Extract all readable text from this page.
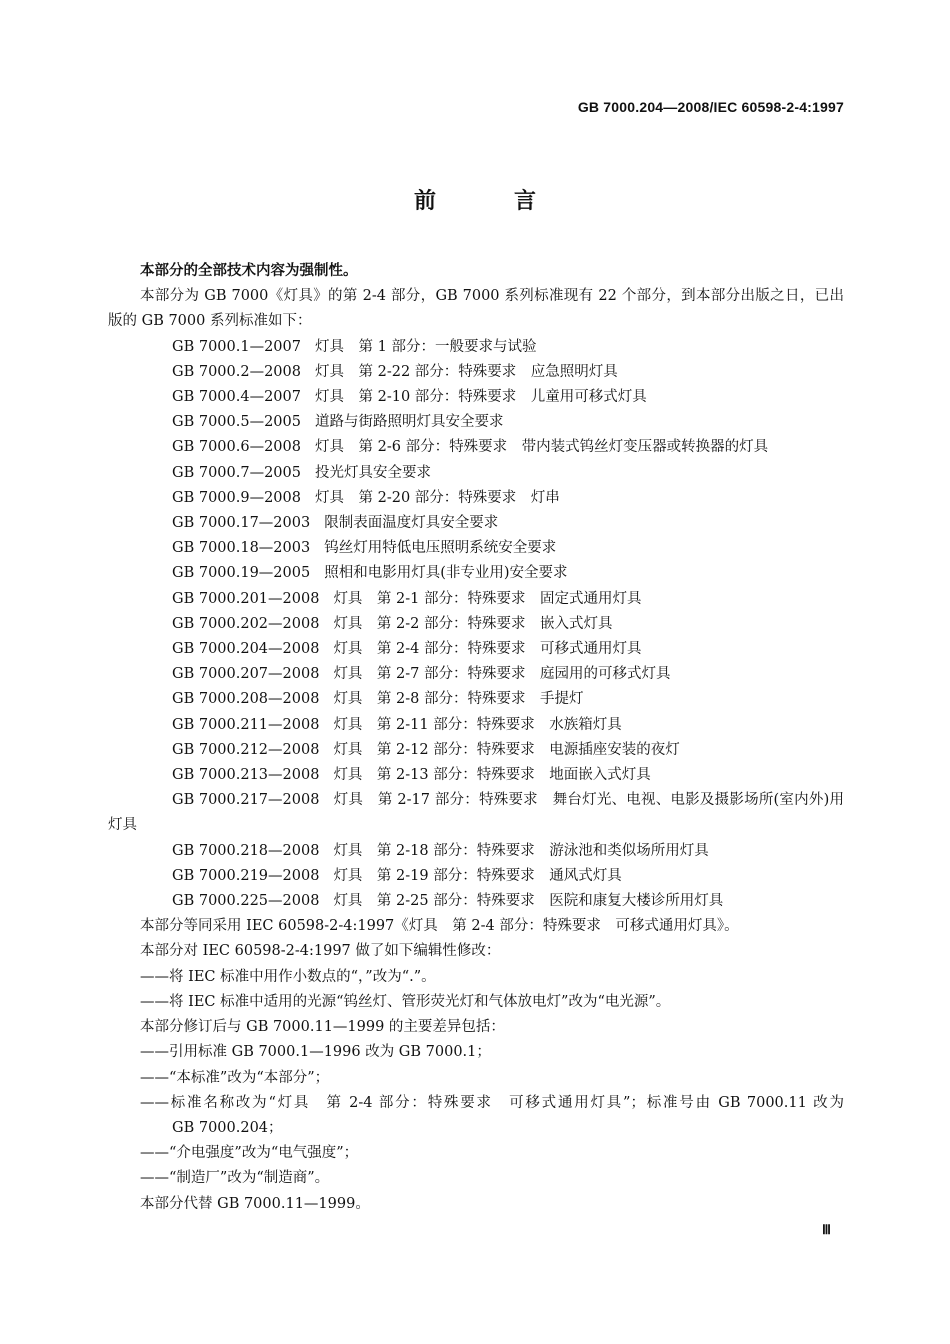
GB 7000.204—2008/IEC 60598-2-4:1997
前　言

本部分的全部技术内容为强制性。

本部分为 GB 7000《灯具》的第 2-4 部分，GB 7000 系列标准现有 22 个部分，到本部分出版之日，已出版的 GB 7000 系列标准如下：

GB 7000.1—2007 灯具　第 1 部分：一般要求与试验

GB 7000.2—2008 灯具　第 2-22 部分：特殊要求　应急照明灯具

GB 7000.4—2007 灯具　第 2-10 部分：特殊要求　儿童用可移式灯具

GB 7000.5—2005 道路与街路照明灯具安全要求

GB 7000.6—2008 灯具　第 2-6 部分：特殊要求　带内装式钨丝灯变压器或转换器的灯具

GB 7000.7—2005 投光灯具安全要求

GB 7000.9—2008 灯具　第 2-20 部分：特殊要求　灯串

GB 7000.17—2003 限制表面温度灯具安全要求

GB 7000.18—2003 钨丝灯用特低电压照明系统安全要求

GB 7000.19—2005 照相和电影用灯具(非专业用)安全要求

GB 7000.201—2008 灯具　第 2-1 部分：特殊要求　固定式通用灯具

GB 7000.202—2008 灯具　第 2-2 部分：特殊要求　嵌入式灯具

GB 7000.204—2008 灯具　第 2-4 部分：特殊要求　可移式通用灯具

GB 7000.207—2008 灯具　第 2-7 部分：特殊要求　庭园用的可移式灯具

GB 7000.208—2008 灯具　第 2-8 部分：特殊要求　手提灯

GB 7000.211—2008 灯具　第 2-11 部分：特殊要求　水族箱灯具

GB 7000.212—2008 灯具　第 2-12 部分：特殊要求　电源插座安装的夜灯

GB 7000.213—2008 灯具　第 2-13 部分：特殊要求　地面嵌入式灯具

GB 7000.217—2008 灯具　第 2-17 部分：特殊要求　舞台灯光、电视、电影及摄影场所(室内外)用灯具

GB 7000.218—2008 灯具　第 2-18 部分：特殊要求　游泳池和类似场所用灯具

GB 7000.219—2008 灯具　第 2-19 部分：特殊要求　通风式灯具

GB 7000.225—2008 灯具　第 2-25 部分：特殊要求　医院和康复大楼诊所用灯具

本部分等同采用 IEC 60598-2-4:1997《灯具　第 2-4 部分：特殊要求　可移式通用灯具》。

本部分对 IEC 60598-2-4:1997 做了如下编辑性修改：

——将 IEC 标准中用作小数点的“，”改为“.”。

——将 IEC 标准中适用的光源“钨丝灯、管形荧光灯和气体放电灯”改为“电光源”。

本部分修订后与 GB 7000.11—1999 的主要差异包括：

——引用标准 GB 7000.1—1996 改为 GB 7000.1；

——“本标准”改为“本部分”；

——标准名称改为“灯具　第 2-4 部分：特殊要求　可移式通用灯具”；标准号由 GB 7000.11 改为

GB 7000.204；

——“介电强度”改为“电气强度”；

——“制造厂”改为“制造商”。

本部分代替 GB 7000.11—1999。

Ⅲ
